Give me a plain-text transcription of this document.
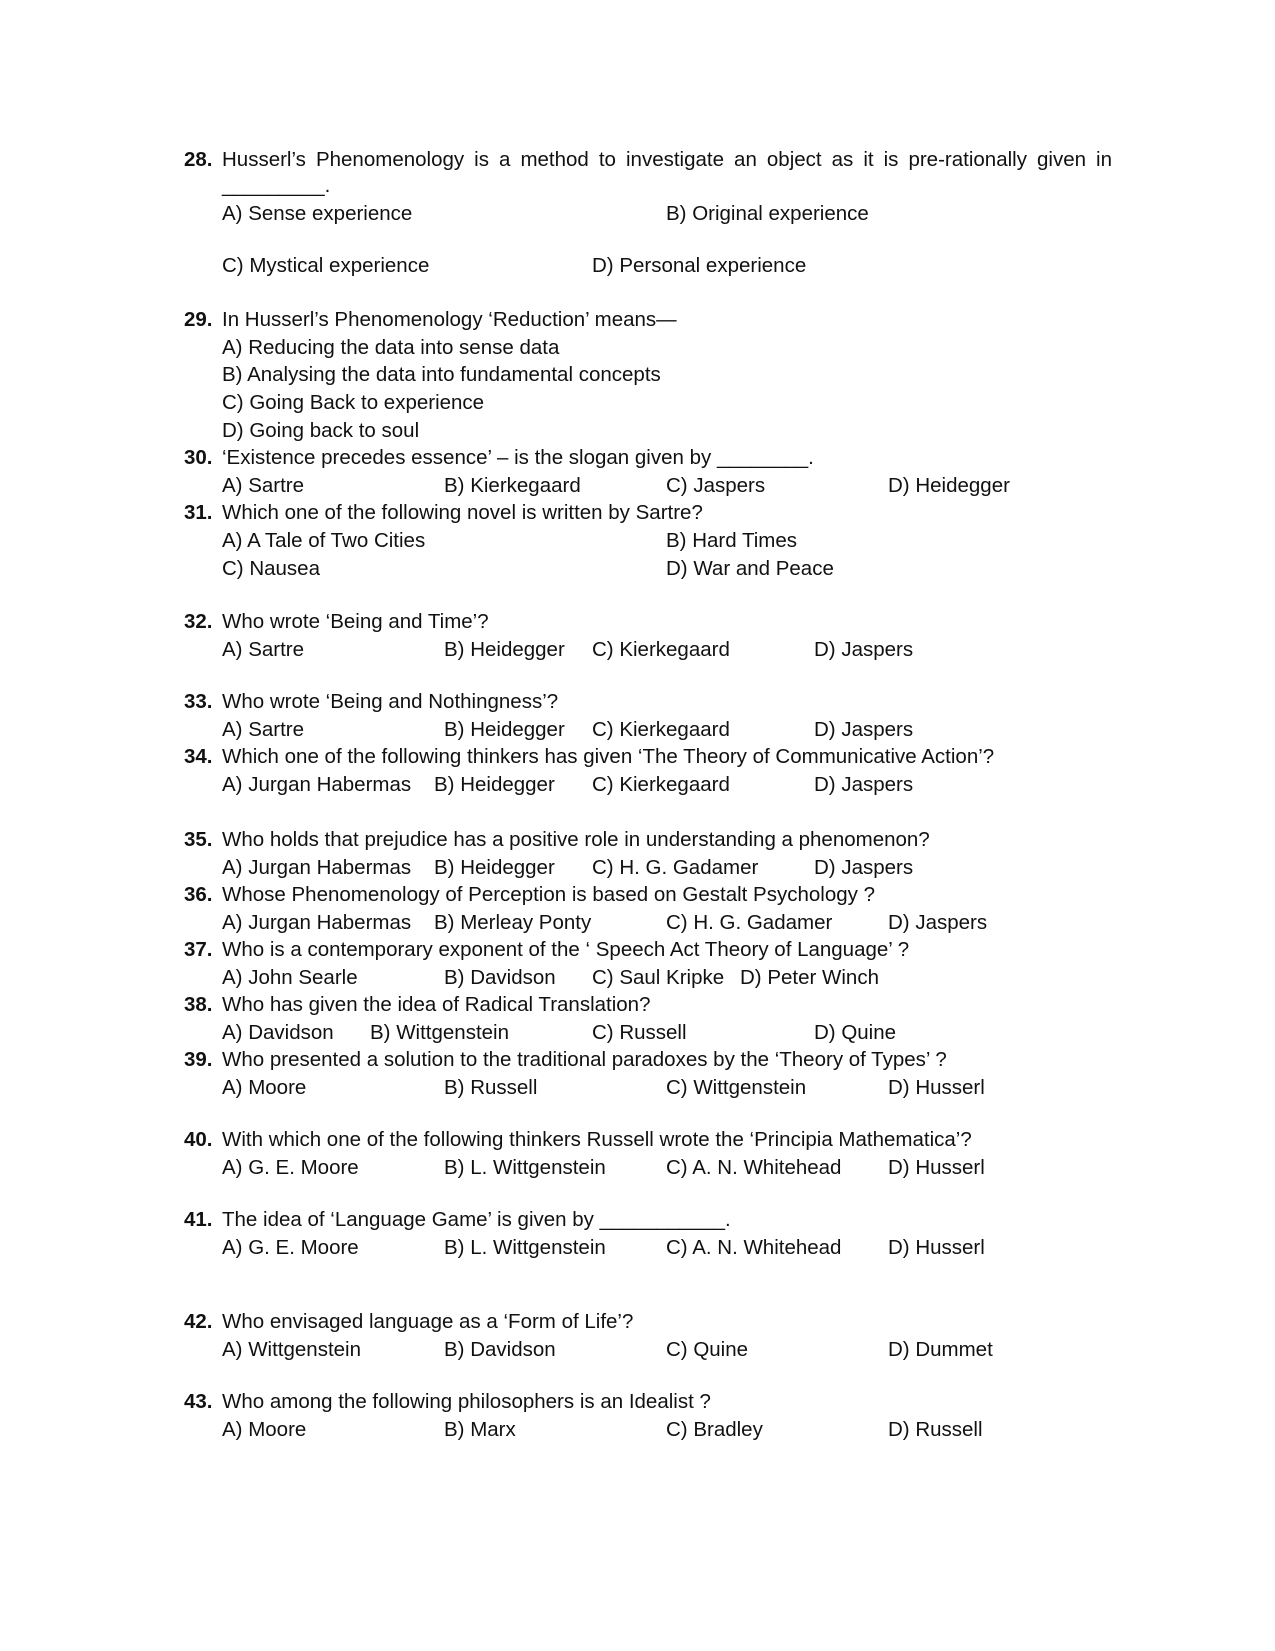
28. Husserl’s Phenomenology is a method to investigate an object as it is pre-rationally given in
_________.
A) Sense experience	B) Original experience
C) Mystical experience	D) Personal experience
29. In Husserl’s Phenomenology ‘Reduction’ means—
A) Reducing the data into sense data
B) Analysing the data into fundamental concepts
C) Going Back to experience
D) Going back to soul
30. ‘Existence precedes essence’ – is the slogan given by ________.
A) Sartre	B) Kierkegaard	C) Jaspers	D) Heidegger
31. Which one of the following novel is written by Sartre?
A) A Tale of Two Cities	B) Hard Times
C) Nausea	D) War and Peace
32. Who wrote ‘Being and Time’?
A) Sartre	B) Heidegger C) Kierkegaard	D) Jaspers
33. Who wrote ‘Being and Nothingness’?
A) Sartre	B) Heidegger C) Kierkegaard	D) Jaspers
34. Which one of the following thinkers has given ‘The Theory of Communicative Action’?
A) Jurgan Habermas B) Heidegger C) Kierkegaard	D) Jaspers
35. Who holds that prejudice has a positive role in understanding a phenomenon?
A) Jurgan Habermas B) Heidegger C) H. G. Gadamer	D) Jaspers
36. Whose Phenomenology of Perception is based on Gestalt Psychology ?
A) Jurgan Habermas B) Merleay Ponty	C) H. G. Gadamer	D) Jaspers
37. Who is a contemporary exponent of the ‘ Speech Act Theory of Language’ ?
A) John Searle	B) Davidson C) Saul Kripke D) Peter Winch
38. Who has given the idea of Radical Translation?
A) Davidson B) Wittgenstein	C) Russell	D) Quine
39. Who presented a solution to the traditional paradoxes by the ‘Theory of Types’ ?
A) Moore	B) Russell	C) Wittgenstein	D) Husserl
40. With which one of the following thinkers Russell wrote the ‘Principia Mathematica’?
A) G. E. Moore	B) L. Wittgenstein	C) A. N. Whitehead D) Husserl
41. The idea of ‘Language Game’ is given by ___________.
A) G. E. Moore	B) L. Wittgenstein	C) A. N. Whitehead D) Husserl
42. Who envisaged language as a ‘Form of Life’?
A) Wittgenstein	B) Davidson	C) Quine	D) Dummet
43. Who among the following philosophers is an Idealist ?
A) Moore	B) Marx	C) Bradley	D) Russell
